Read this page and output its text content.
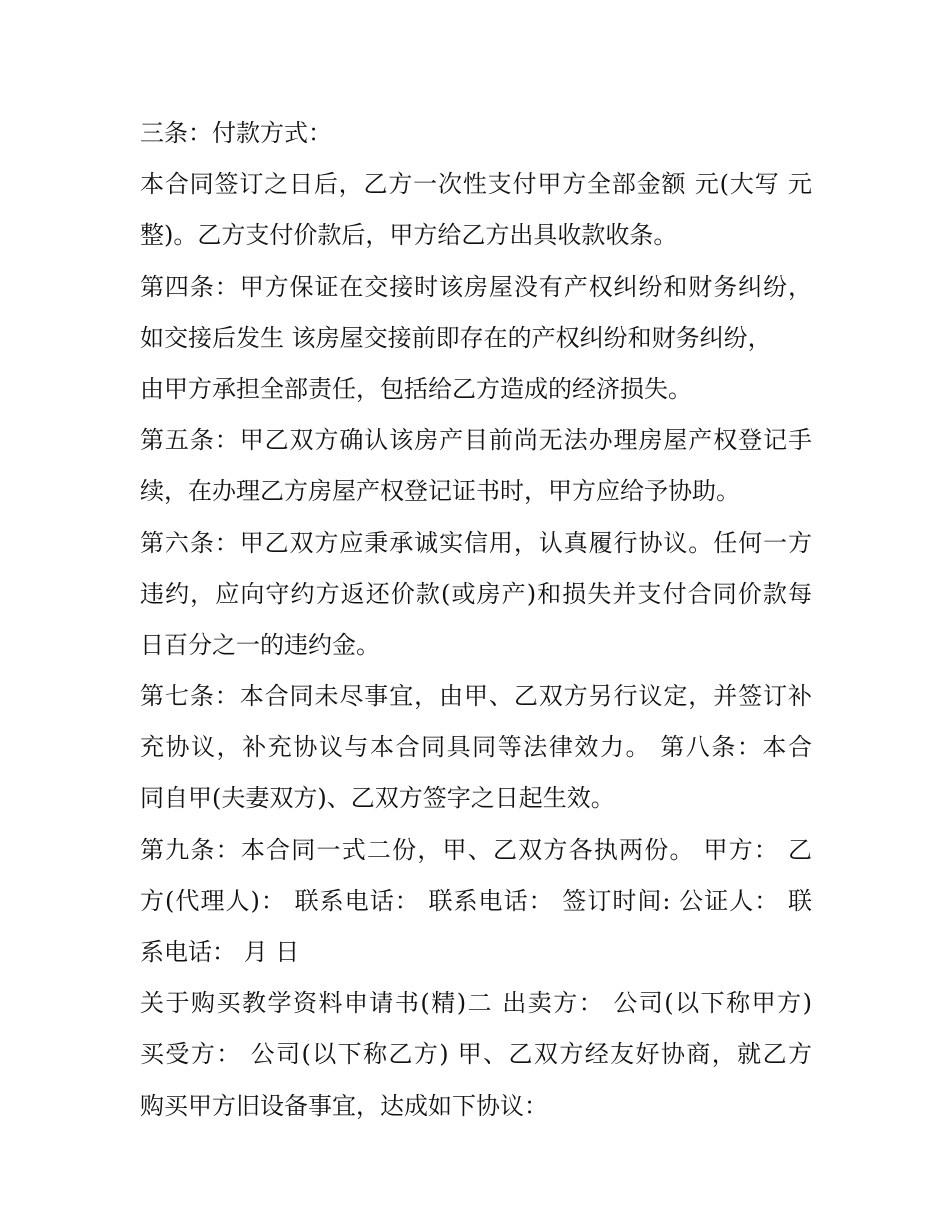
三条：付款方式：
本合同签订之日后，乙方一次性支付甲方全部金额 元(大写 元
整)。乙方支付价款后，甲方给乙方出具收款收条。
第四条：甲方保证在交接时该房屋没有产权纠纷和财务纠纷，
如交接后发生 该房屋交接前即存在的产权纠纷和财务纠纷，
由甲方承担全部责任，包括给乙方造成的经济损失。
第五条：甲乙双方确认该房产目前尚无法办理房屋产权登记手
续，在办理乙方房屋产权登记证书时，甲方应给予协助。
第六条：甲乙双方应秉承诚实信用，认真履行协议。任何一方
违约，应向守约方返还价款(或房产)和损失并支付合同价款每
日百分之一的违约金。
第七条：本合同未尽事宜，由甲、乙双方另行议定，并签订补
充协议，补充协议与本合同具同等法律效力。 第八条：本合
同自甲(夫妻双方)、乙双方签字之日起生效。
第九条：本合同一式二份，甲、乙双方各执两份。 甲方： 乙
方(代理人)： 联系电话： 联系电话： 签订时间: 公证人： 联
系电话： 月 日
关于购买教学资料申请书(精)二 出卖方： 公司(以下称甲方)
买受方： 公司(以下称乙方) 甲、乙双方经友好协商，就乙方
购买甲方旧设备事宜，达成如下协议：
